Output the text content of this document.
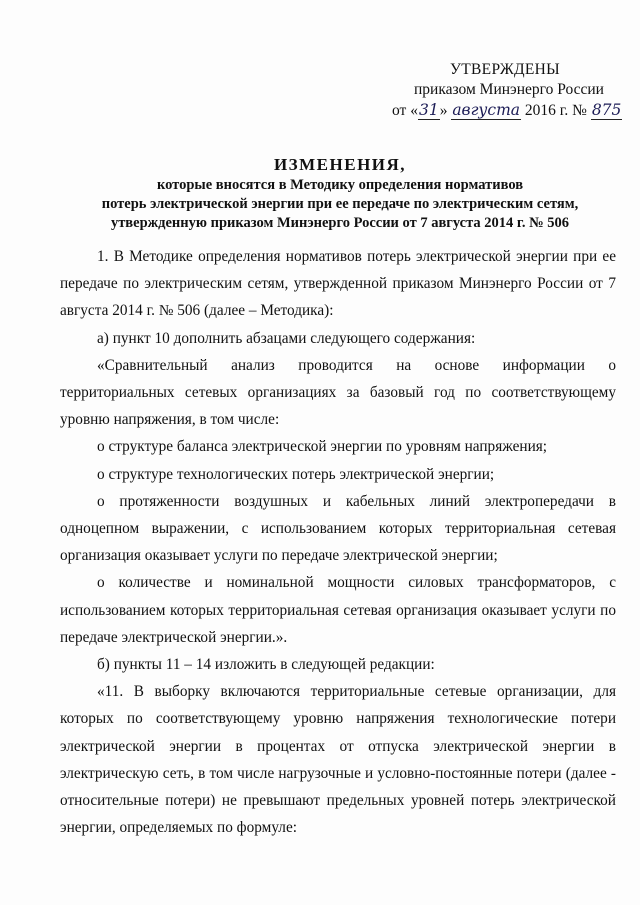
УТВЕРЖДЕНЫ
приказом Минэнерго России
от «31» августа 2016 г. № 875
ИЗМЕНЕНИЯ,
которые вносятся в Методику определения нормативов
потерь электрической энергии при ее передаче по электрическим сетям,
утвержденную приказом Минэнерго России от 7 августа 2014 г. № 506

1. В Методике определения нормативов потерь электрической энергии при ее передаче по электрическим сетям, утвержденной приказом Минэнерго России от 7 августа 2014 г. № 506 (далее – Методика):

а) пункт 10 дополнить абзацами следующего содержания:

«Сравнительный анализ проводится на основе информации о территориальных сетевых организациях за базовый год по соответствующему уровню напряжения, в том числе:

о структуре баланса электрической энергии по уровням напряжения;

о структуре технологических потерь электрической энергии;

о протяженности воздушных и кабельных линий электропередачи в одноцепном выражении, с использованием которых территориальная сетевая организация оказывает услуги по передаче электрической энергии;

о количестве и номинальной мощности силовых трансформаторов, с использованием которых территориальная сетевая организация оказывает услуги по передаче электрической энергии.».

б) пункты 11 – 14 изложить в следующей редакции:

«11. В выборку включаются территориальные сетевые организации, для которых по соответствующему уровню напряжения технологические потери электрической энергии в процентах от отпуска электрической энергии в электрическую сеть, в том числе нагрузочные и условно-постоянные потери (далее - относительные потери) не превышают предельных уровней потерь электрической энергии, определяемых по формуле:
